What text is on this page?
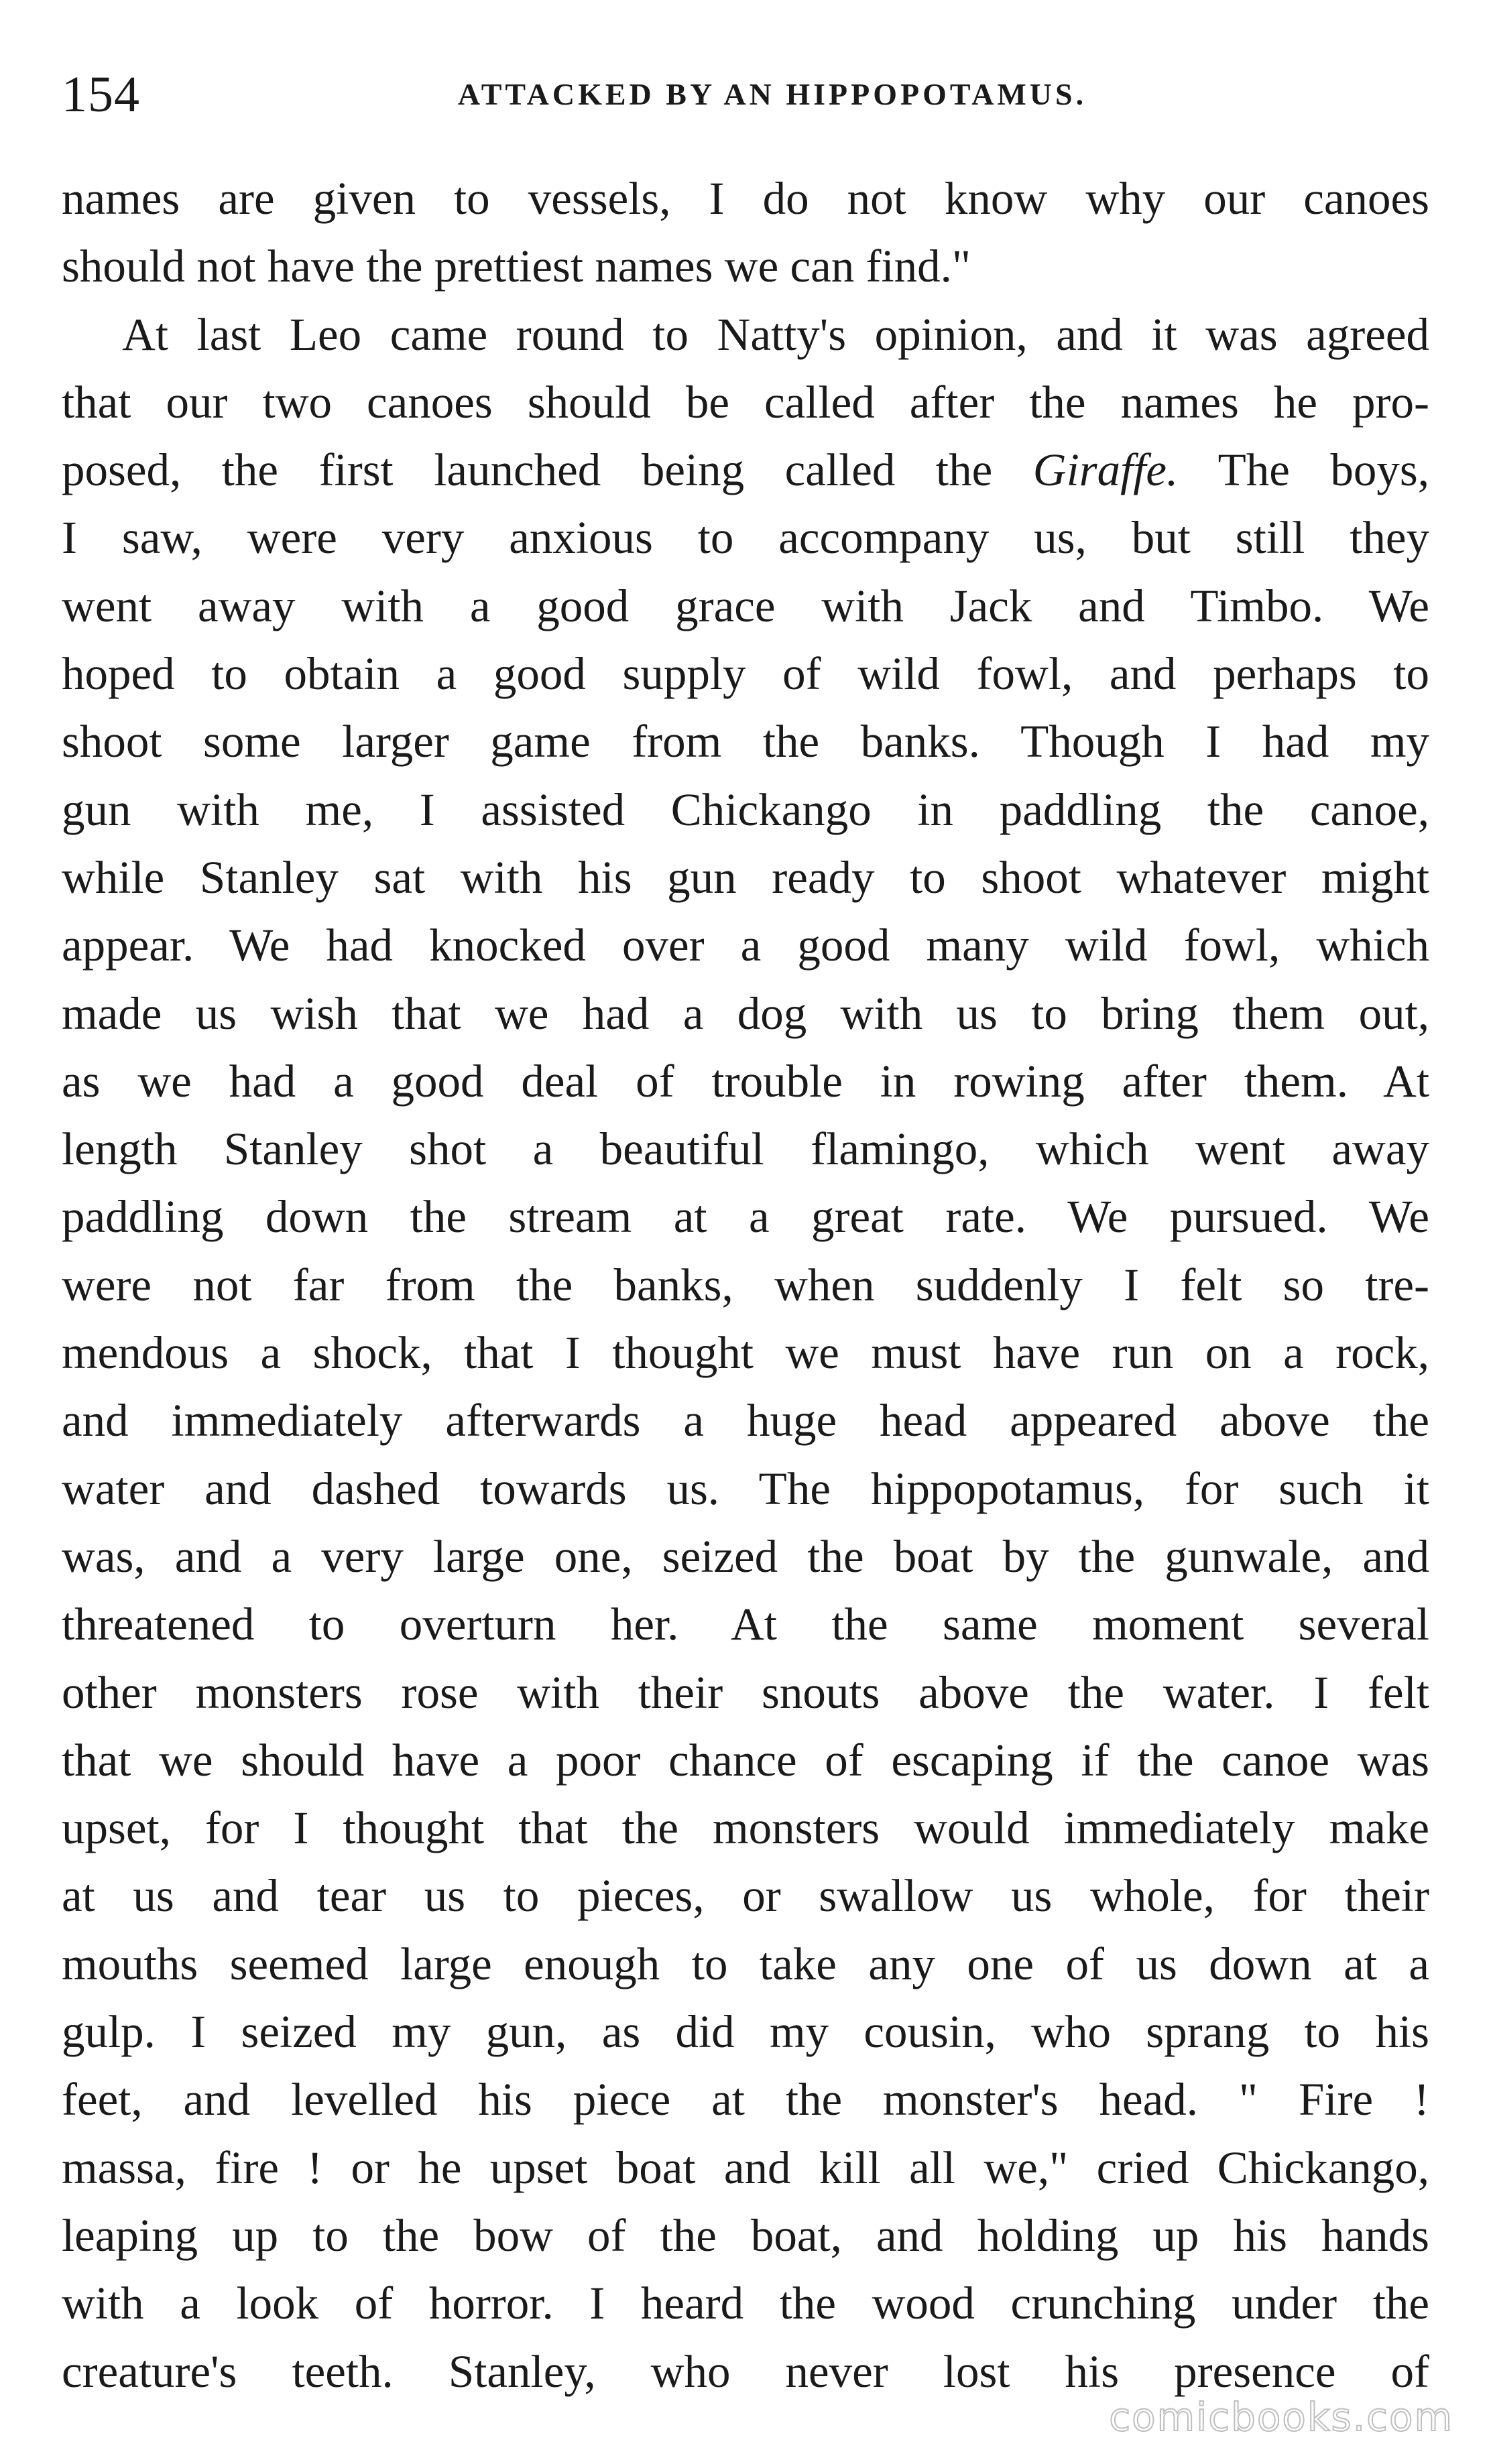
154	ATTACKED BY AN HIPPOPOTAMUS.
names are given to vessels, I do not know why our canoes
should not have the prettiest names we can find."
At last Leo came round to Natty's opinion, and it was agreed
that our two canoes should be called after the names he pro-
posed, the first launched being called the Giraffe. The boys,
I saw, were very anxious to accompany us, but still they
went away with a good grace with Jack and Timbo. We
hoped to obtain a good supply of wild fowl, and perhaps to
shoot some larger game from the banks. Though I had my
gun with me, I assisted Chickango in paddling the canoe,
while Stanley sat with his gun ready to shoot whatever might
appear. We had knocked over a good many wild fowl, which
made us wish that we had a dog with us to bring them out,
as we had a good deal of trouble in rowing after them. At
length Stanley shot a beautiful flamingo, which went away
paddling down the stream at a great rate. We pursued. We
were not far from the banks, when suddenly I felt so tre-
mendous a shock, that I thought we must have run on a rock,
and immediately afterwards a huge head appeared above the
water and dashed towards us. The hippopotamus, for such it
was, and a very large one, seized the boat by the gunwale, and
threatened to overturn her. At the same moment several
other monsters rose with their snouts above the water. I felt
that we should have a poor chance of escaping if the canoe was
upset, for I thought that the monsters would immediately make
at us and tear us to pieces, or swallow us whole, for their
mouths seemed large enough to take any one of us down at a
gulp. I seized my gun, as did my cousin, who sprang to his
feet, and levelled his piece at the monster's head. " Fire !
massa, fire ! or he upset boat and kill all we," cried Chickango,
leaping up to the bow of the boat, and holding up his hands
with a look of horror. I heard the wood crunching under the
creature's teeth. Stanley, who never lost his presence of
comicbooks.com
